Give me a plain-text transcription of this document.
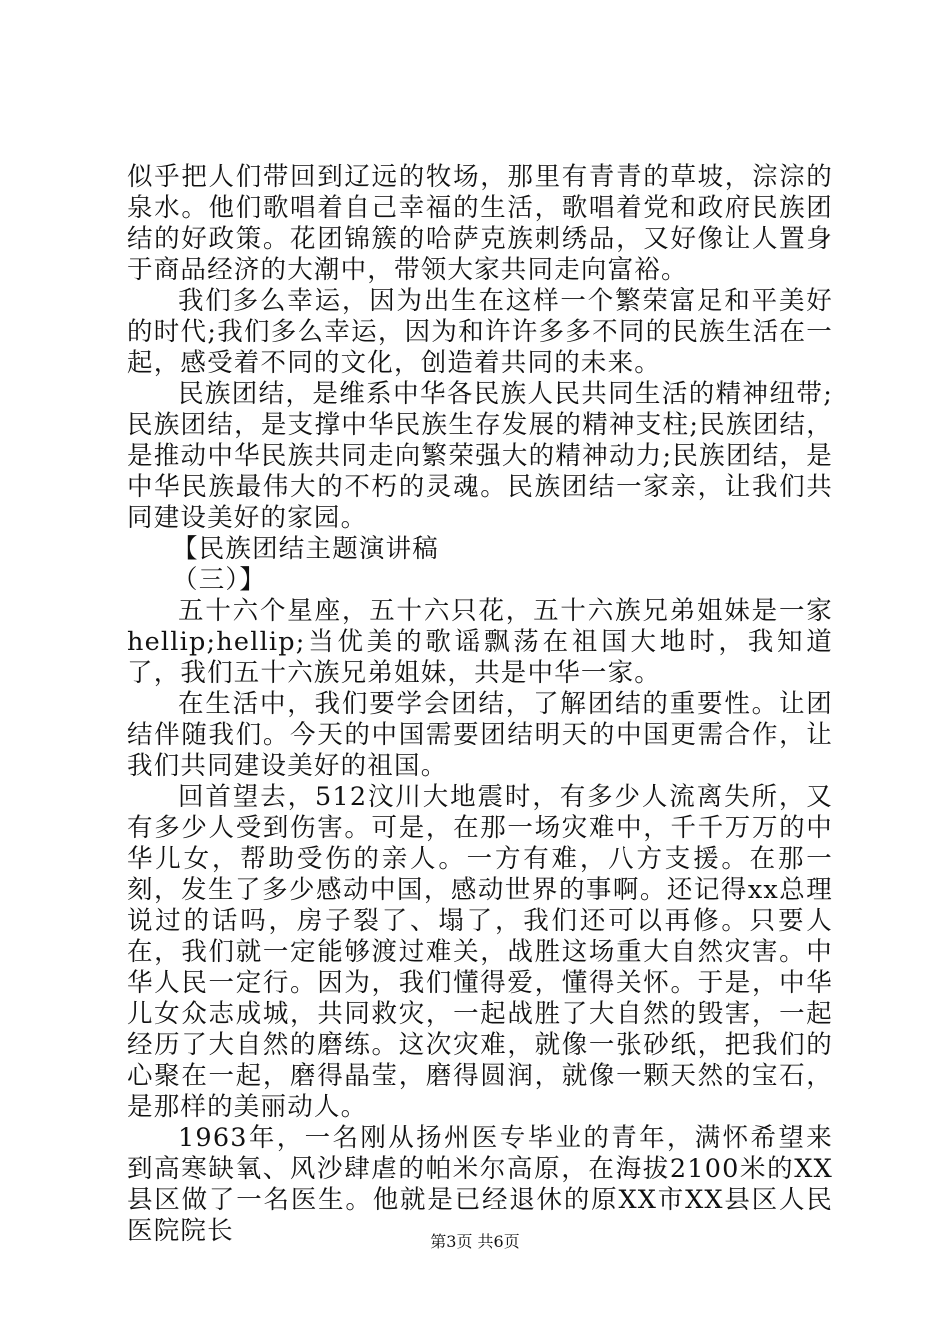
似乎把人们带回到辽远的牧场，那里有青青的草坡，淙淙的泉水。他们歌唱着自己幸福的生活，歌唱着党和政府民族团结的好政策。花团锦簇的哈萨克族刺绣品，又好像让人置身于商品经济的大潮中，带领大家共同走向富裕。

我们多么幸运，因为出生在这样一个繁荣富足和平美好的时代;我们多么幸运，因为和许许多多不同的民族生活在一起，感受着不同的文化，创造着共同的未来。

民族团结，是维系中华各民族人民共同生活的精神纽带;民族团结，是支撑中华民族生存发展的精神支柱;民族团结，是推动中华民族共同走向繁荣强大的精神动力;民族团结，是中华民族最伟大的不朽的灵魂。民族团结一家亲，让我们共同建设美好的家园。

【民族团结主题演讲稿

（三）】

五十六个星座，五十六只花，五十六族兄弟姐妹是一家hellip;hellip;当优美的歌谣飘荡在祖国大地时，我知道了，我们五十六族兄弟姐妹，共是中华一家。

在生活中，我们要学会团结，了解团结的重要性。让团结伴随我们。今天的中国需要团结明天的中国更需合作，让我们共同建设美好的祖国。

回首望去，512汶川大地震时，有多少人流离失所，又有多少人受到伤害。可是，在那一场灾难中，千千万万的中华儿女，帮助受伤的亲人。一方有难，八方支援。在那一刻，发生了多少感动中国，感动世界的事啊。还记得xx总理说过的话吗，房子裂了、塌了，我们还可以再修。只要人在，我们就一定能够渡过难关，战胜这场重大自然灾害。中华人民一定行。因为，我们懂得爱，懂得关怀。于是，中华儿女众志成城，共同救灾，一起战胜了大自然的毁害，一起经历了大自然的磨练。这次灾难，就像一张砂纸，把我们的心聚在一起，磨得晶莹，磨得圆润，就像一颗天然的宝石，是那样的美丽动人。

1963年，一名刚从扬州医专毕业的青年，满怀希望来到高寒缺氧、风沙肆虐的帕米尔高原，在海拔2100米的XX县区做了一名医生。他就是已经退休的原XX市XX县区人民医院院长	第3页 共6页
